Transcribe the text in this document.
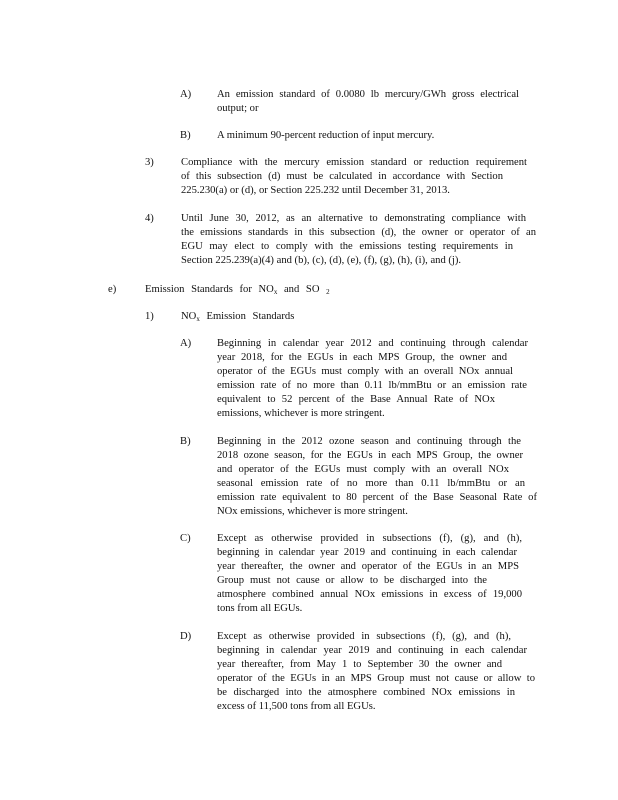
A) An emission standard of 0.0080 lb mercury/GWh gross electrical
output; or
B) A minimum 90-percent reduction of input mercury.
3)	Compliance with the mercury emission standard or reduction requirement
of this subsection (d) must be calculated in accordance with Section
225.230(a) or (d), or Section 225.232 until December 31, 2013.
4)	Until June 30, 2012, as an alternative to demonstrating compliance with
the emissions standards in this subsection (d), the owner or operator of an
EGU may elect to comply with the emissions testing requirements in
Section 225.239(a)(4) and (b), (c), (d), (e), (f), (g), (h), (i), and (j).
e)	Emission Standards for $NO_x$ and SO $_2$
1)	$NO_x$ Emission Standards
A) Beginning in calendar year 2012 and continuing through calendar
year 2018, for the EGUs in each MPS Group, the owner and
operator of the EGUs must comply with an overall NOx annual
emission rate of no more than 0.11 lb/mmBtu or an emission rate
equivalent to 52 percent of the Base Annual Rate of NOx
emissions, whichever is more stringent.
B) Beginning in the 2012 ozone season and continuing through the
2018 ozone season, for the EGUs in each MPS Group, the owner
and operator of the EGUs must comply with an overall NOx
seasonal emission rate of no more than 0.11 lb/mmBtu or an
emission rate equivalent to 80 percent of the Base Seasonal Rate of
NOx emissions, whichever is more stringent.
C) Except as otherwise provided in subsections (f), (g), and (h),
beginning in calendar year 2019 and continuing in each calendar
year thereafter, the owner and operator of the EGUs in an MPS
Group must not cause or allow to be discharged into the
atmosphere combined annual NOx emissions in excess of 19,000
tons from all EGUs.
D) Except as otherwise provided in subsections (f), (g), and (h),
beginning in calendar year 2019 and continuing in each calendar
year thereafter, from May 1 to September 30 the owner and
operator of the EGUs in an MPS Group must not cause or allow to
be discharged into the atmosphere combined NOx emissions in
excess of 11,500 tons from all EGUs.
